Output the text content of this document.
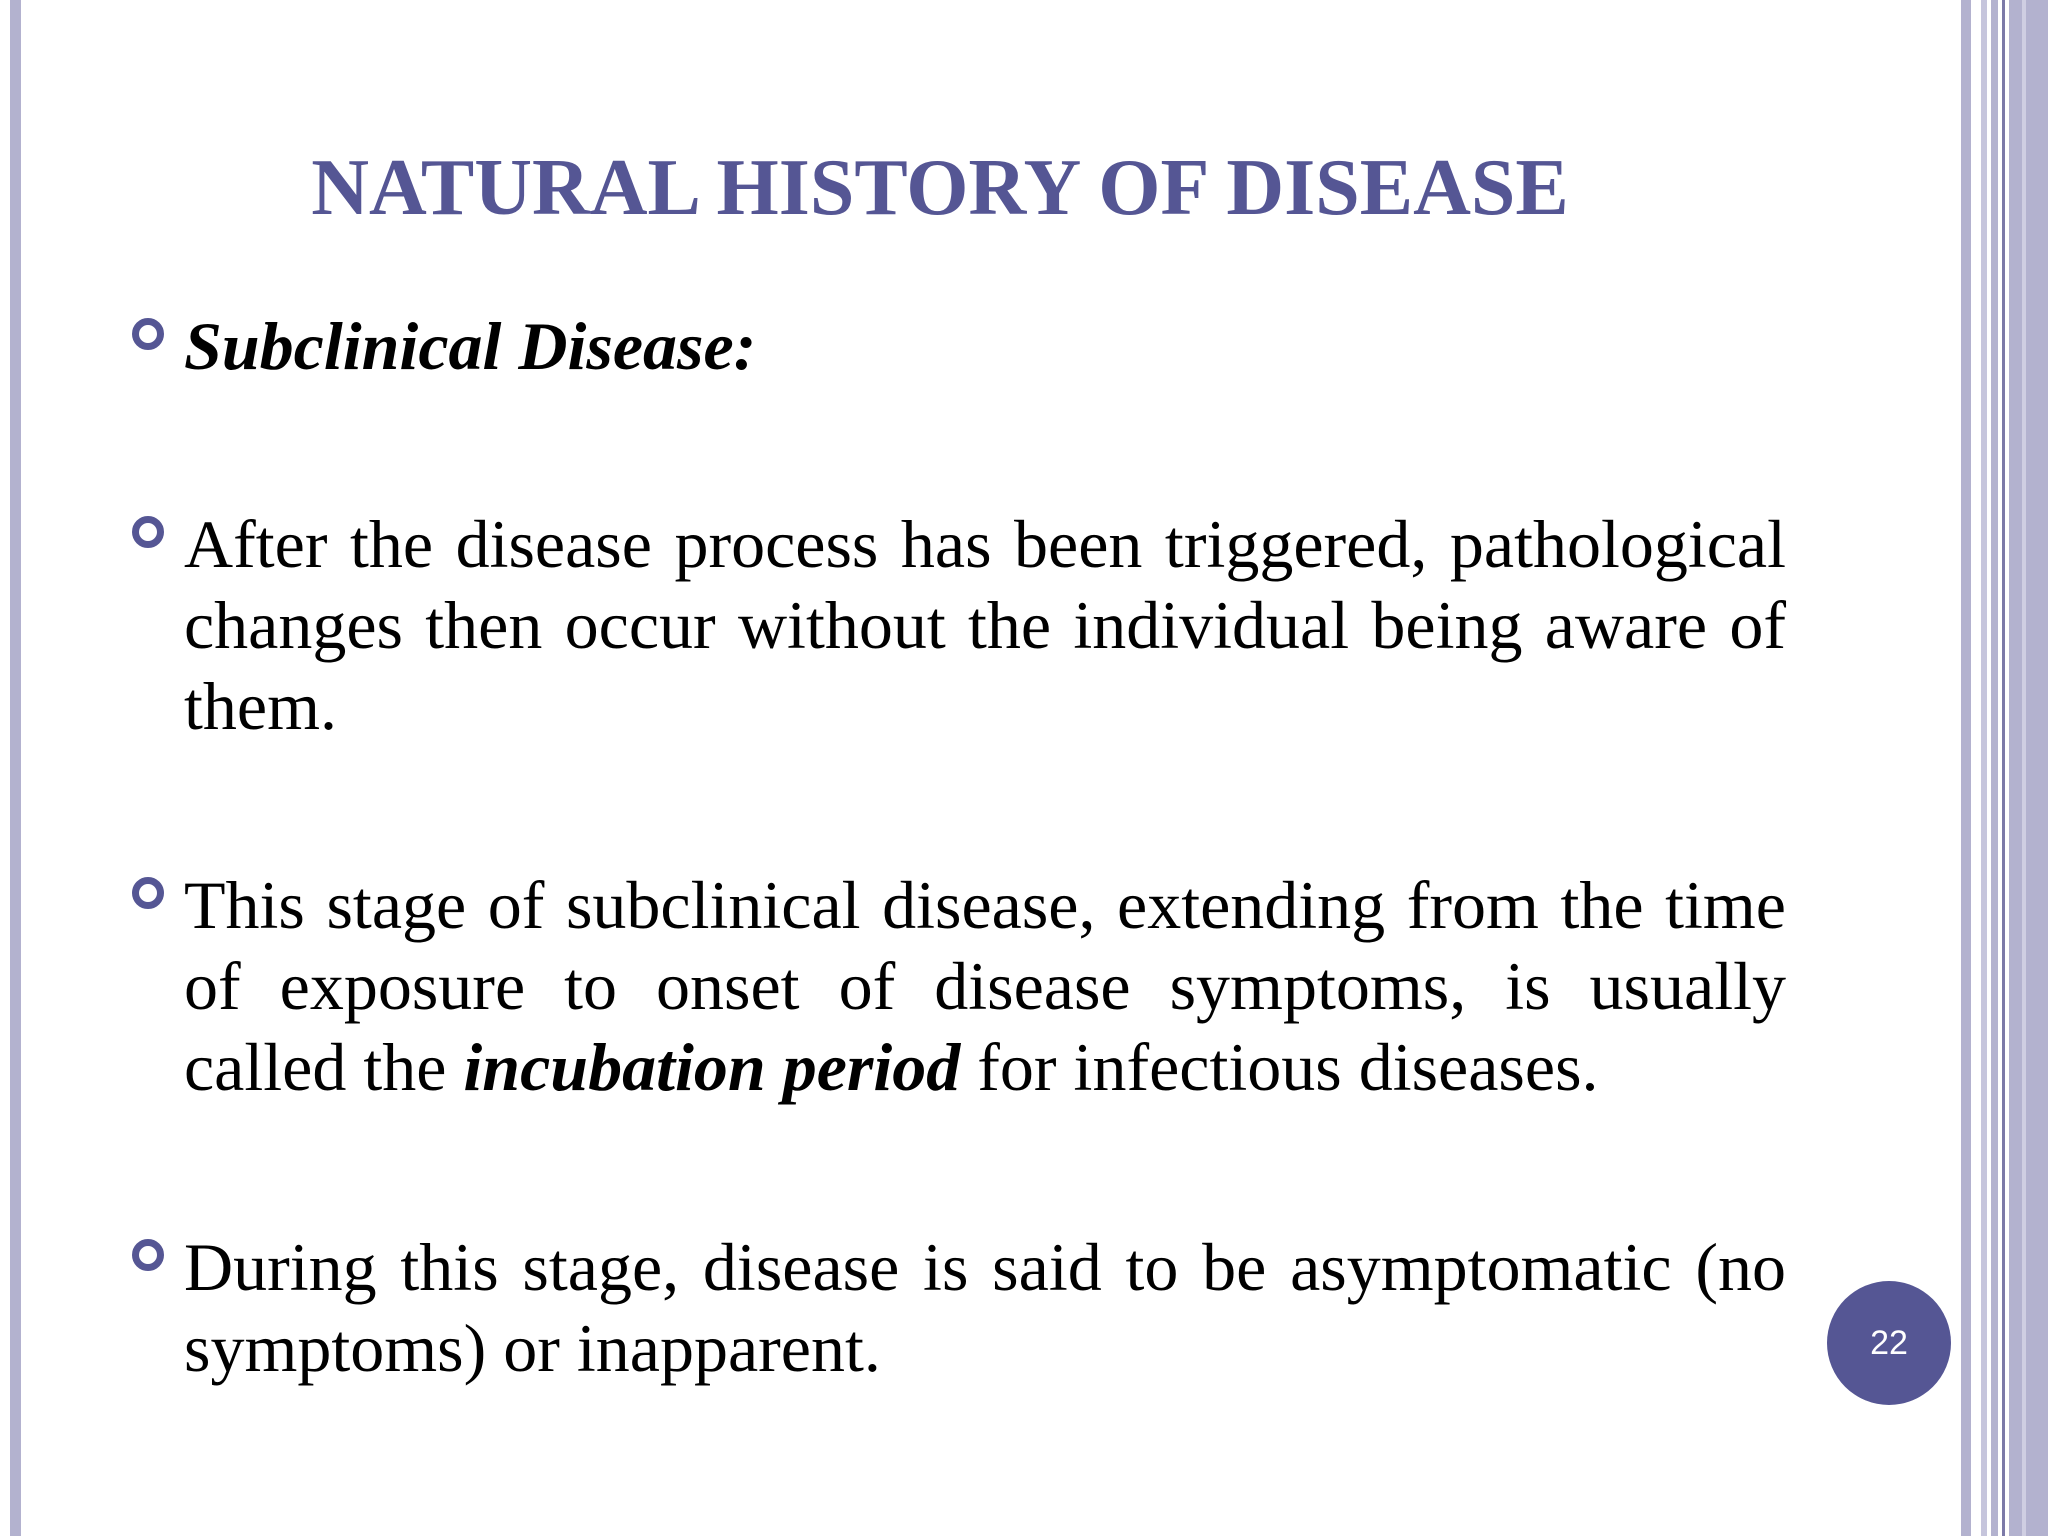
NATURAL HISTORY OF DISEASE

Subclinical Disease:

After the disease process has been triggered, pathological changes then occur without the individual being aware of them.

This stage of subclinical disease, extending from the time of exposure to onset of disease symptoms, is usually called the incubation period for infectious diseases.

During this stage, disease is said to be asymptomatic (no symptoms) or inapparent.	22
